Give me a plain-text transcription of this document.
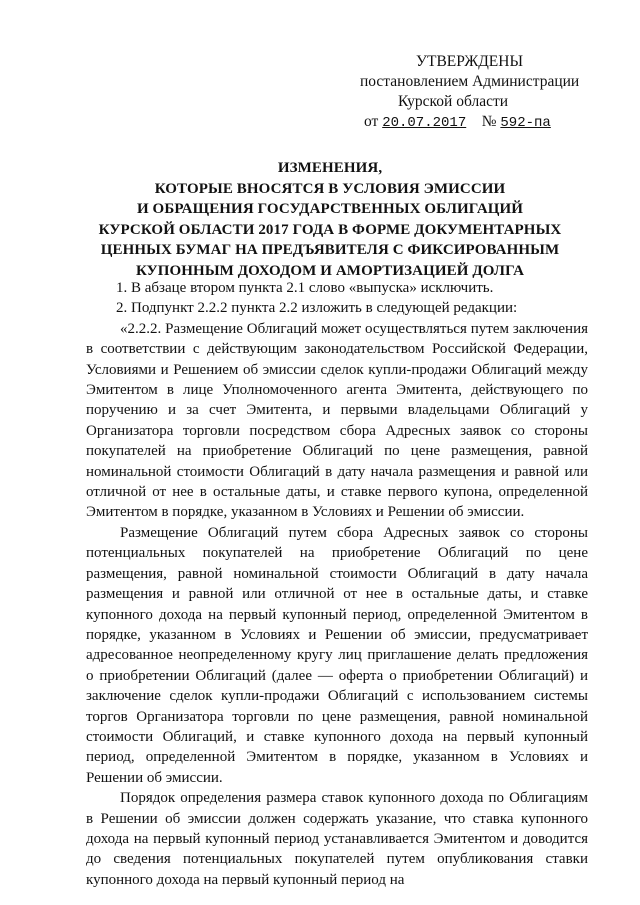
УТВЕРЖДЕНЫ
постановлением Администрации
Курской области
от 20.07.2017 № 592-па
ИЗМЕНЕНИЯ,
КОТОРЫЕ ВНОСЯТСЯ В УСЛОВИЯ ЭМИССИИ
И ОБРАЩЕНИЯ ГОСУДАРСТВЕННЫХ ОБЛИГАЦИЙ
КУРСКОЙ ОБЛАСТИ 2017 ГОДА В ФОРМЕ ДОКУМЕНТАРНЫХ
ЦЕННЫХ БУМАГ НА ПРЕДЪЯВИТЕЛЯ С ФИКСИРОВАННЫМ
КУПОННЫМ ДОХОДОМ И АМОРТИЗАЦИЕЙ ДОЛГА
1. В абзаце втором пункта 2.1 слово «выпуска» исключить.
2. Подпункт 2.2.2 пункта 2.2 изложить в следующей редакции:

«2.2.2. Размещение Облигаций может осуществляться путем заключения в соответствии с действующим законодательством Российской Федерации, Условиями и Решением об эмиссии сделок купли-продажи Облигаций между Эмитентом в лице Уполномоченного агента Эмитента, действующего по поручению и за счет Эмитента, и первыми владельцами Облигаций у Организатора торговли посредством сбора Адресных заявок со стороны покупателей на приобретение Облигаций по цене размещения, равной номинальной стоимости Облигаций в дату начала размещения и равной или отличной от нее в остальные даты, и ставке первого купона, определенной Эмитентом в порядке, указанном в Условиях и Решении об эмиссии.

Размещение Облигаций путем сбора Адресных заявок со стороны потенциальных покупателей на приобретение Облигаций по цене размещения, равной номинальной стоимости Облигаций в дату начала размещения и равной или отличной от нее в остальные даты, и ставке купонного дохода на первый купонный период, определенной Эмитентом в порядке, указанном в Условиях и Решении об эмиссии, предусматривает адресованное неопределенному кругу лиц приглашение делать предложения о приобретении Облигаций (далее — оферта о приобретении Облигаций) и заключение сделок купли-продажи Облигаций с использованием системы торгов Организатора торговли по цене размещения, равной номинальной стоимости Облигаций, и ставке купонного дохода на первый купонный период, определенной Эмитентом в порядке, указанном в Условиях и Решении об эмиссии.

Порядок определения размера ставок купонного дохода по Облигациям в Решении об эмиссии должен содержать указание, что ставка купонного дохода на первый купонный период устанавливается Эмитентом и доводится до сведения потенциальных покупателей путем опубликования ставки купонного дохода на первый купонный период на
